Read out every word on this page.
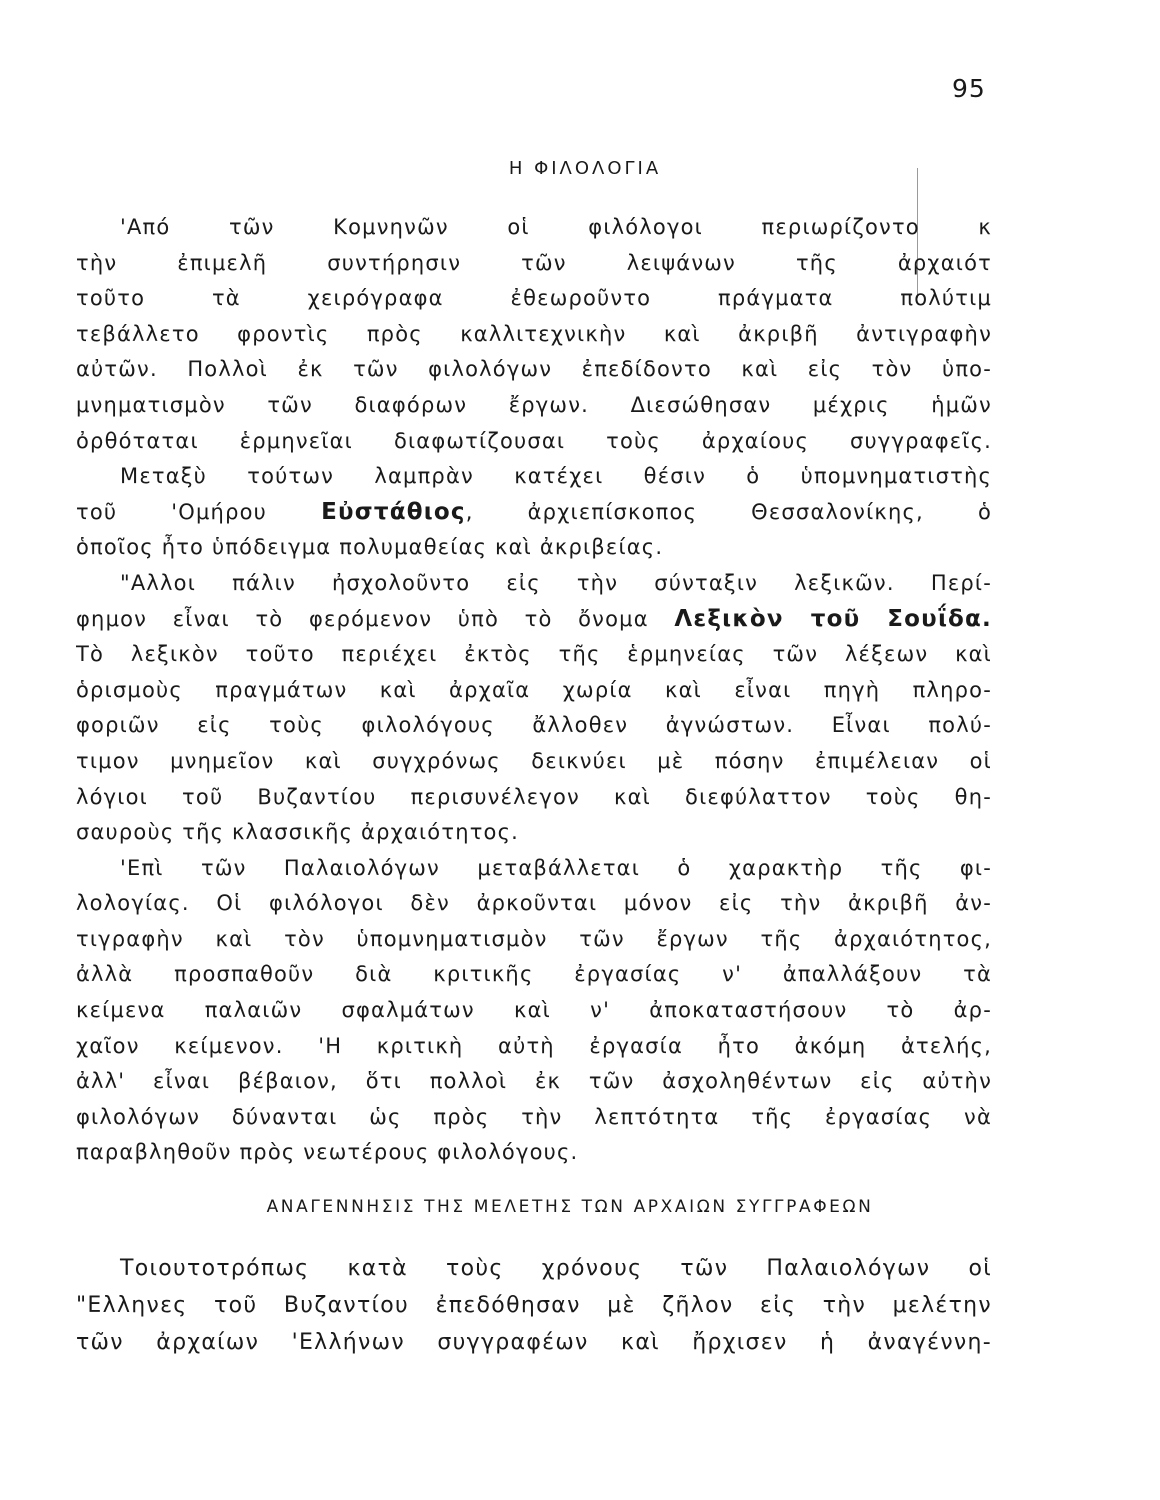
95
Η ΦΙΛΟΛΟΓΙΑ
'Από τῶν Κομνηνῶν οἱ φιλόλογοι περιωρίζοντο κ
τὴν ἐπιμελῆ συντήρησιν τῶν λειψάνων τῆς ἀρχαιότ
τοῦτο τὰ χειρόγραφα ἐθεωροῦντο πράγματα πολύτιμ
τεβάλλετο φροντὶς πρὸς καλλιτεχνικὴν καὶ ἀκριβῆ ἀντιγραφὴν
αὐτῶν. Πολλοὶ ἐκ τῶν φιλολόγων ἐπεδίδοντο καὶ εἰς τὸν ὑπο-
μνηματισμὸν τῶν διαφόρων ἔργων. Διεσώθησαν μέχρις ἡμῶν
ὀρθόταται ἑρμηνεῖαι διαφωτίζουσαι τοὺς ἀρχαίους συγγραφεῖς.
Μεταξὺ τούτων λαμπρὰν κατέχει θέσιν ὁ ὑπομνηματιστὴς
τοῦ 'Ομήρου Εὐστάθιος, ἀρχιεπίσκοπος Θεσσαλονίκης, ὁ
ὁποῖος ἦτο ὑπόδειγμα πολυμαθείας καὶ ἀκριβείας.
"Αλλοι πάλιν ἠσχολοῦντο εἰς τὴν σύνταξιν λεξικῶν. Περί-
φημον εἶναι τὸ φερόμενον ὑπὸ τὸ ὄνομα Λεξικὸν τοῦ Σουΐδα.
Τὸ λεξικὸν τοῦτο περιέχει ἐκτὸς τῆς ἑρμηνείας τῶν λέξεων καὶ
ὁρισμοὺς πραγμάτων καὶ ἀρχαῖα χωρία καὶ εἶναι πηγὴ πληρο-
φοριῶν εἰς τοὺς φιλολόγους ἄλλοθεν ἀγνώστων. Εἶναι πολύ-
τιμον μνημεῖον καὶ συγχρόνως δεικνύει μὲ πόσην ἐπιμέλειαν οἱ
λόγιοι τοῦ Βυζαντίου περισυνέλεγον καὶ διεφύλαττον τοὺς θη-
σαυροὺς τῆς κλασσικῆς ἀρχαιότητος.
'Επὶ τῶν Παλαιολόγων μεταβάλλεται ὁ χαρακτὴρ τῆς φι-
λολογίας. Οἱ φιλόλογοι δὲν ἀρκοῦνται μόνον εἰς τὴν ἀκριβῆ ἀν-
τιγραφὴν καὶ τὸν ὑπομνηματισμὸν τῶν ἔργων τῆς ἀρχαιότητος,
ἀλλὰ προσπαθοῦν διὰ κριτικῆς ἐργασίας ν' ἀπαλλάξουν τὰ
κείμενα παλαιῶν σφαλμάτων καὶ ν' ἀποκαταστήσουν τὸ ἀρ-
χαῖον κείμενον. 'Η κριτικὴ αὐτὴ ἐργασία ἦτο ἀκόμη ἀτελής,
ἀλλ' εἶναι βέβαιον, ὅτι πολλοὶ ἐκ τῶν ἀσχοληθέντων εἰς αὐτὴν
φιλολόγων δύνανται ὡς πρὸς τὴν λεπτότητα τῆς ἐργασίας νὰ
παραβληθοῦν πρὸς νεωτέρους φιλολόγους.
ΑΝΑΓΕΝΝΗΣΙΣ ΤΗΣ ΜΕΛΕΤΗΣ ΤΩΝ ΑΡΧΑΙΩΝ ΣΥΓΓΡΑΦΕΩΝ
Τοιουτοτρόπως κατὰ τοὺς χρόνους τῶν Παλαιολόγων οἱ
"Ελληνες τοῦ Βυζαντίου ἐπεδόθησαν μὲ ζῆλον εἰς τὴν μελέτην
τῶν ἀρχαίων 'Ελλήνων συγγραφέων καὶ ἤρχισεν ἡ ἀναγέννη-
